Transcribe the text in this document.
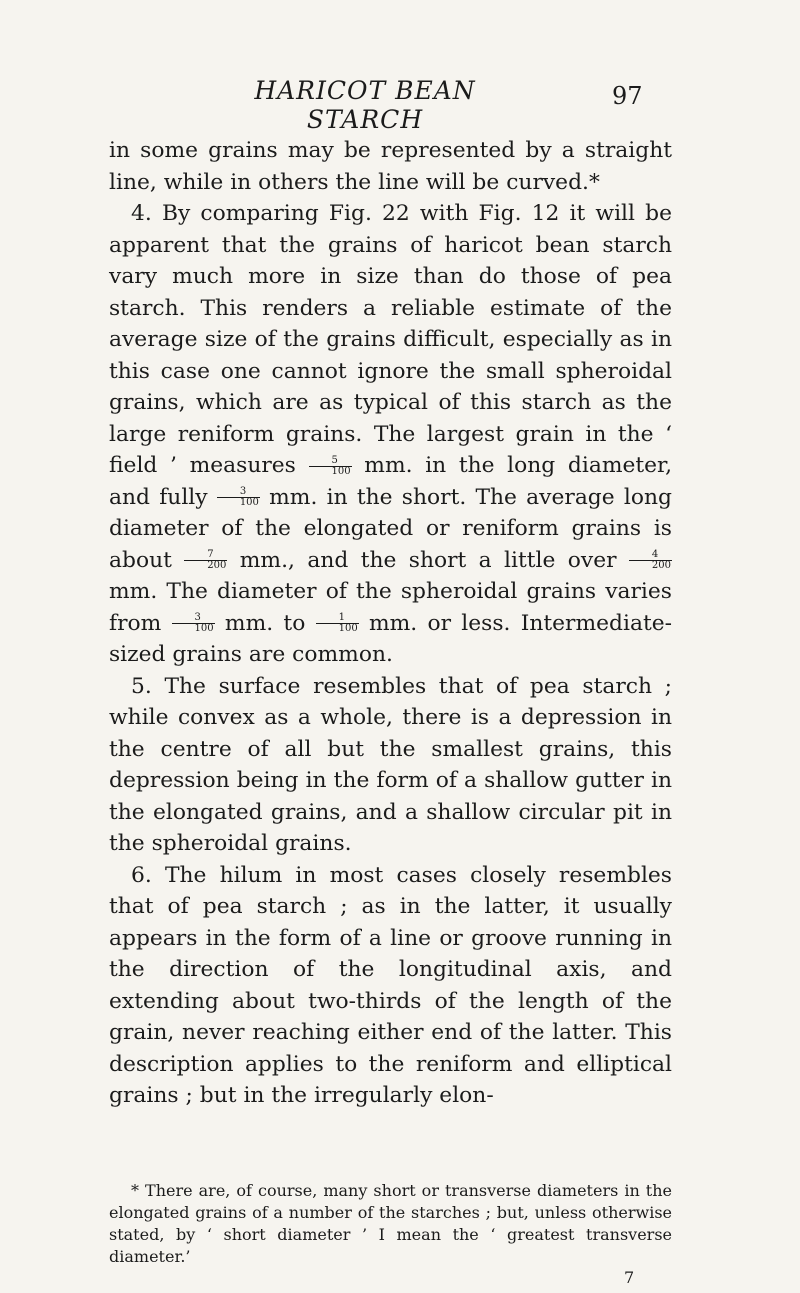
HARICOT BEAN STARCH
97

in some grains may be represented by a straight line, while in others the line will be curved.*

4. By comparing Fig. 22 with Fig. 12 it will be apparent that the grains of haricot bean starch vary much more in size than do those of pea starch. This renders a reliable estimate of the average size of the grains difficult, especially as in this case one cannot ignore the small spheroidal grains, which are as typical of this starch as the large reniform grains. The largest grain in the ‘ field ’ measures $\frac{5}{100}$ mm. in the long diameter, and fully $\frac{3}{100}$ mm. in the short. The average long diameter of the elongated or reniform grains is about $\frac{7}{200}$ mm., and the short a little over $\frac{4}{200}$
mm. The diameter of the spheroidal grains varies from $\frac{3}{100}$ mm. to $\frac{1}{100}$ mm. or less. Intermediate-sized grains are common.

5. The surface resembles that of pea starch ; while convex as a whole, there is a depression in the centre of all but the smallest grains, this depression being in the form of a shallow gutter in the elongated grains, and a shallow circular pit in the spheroidal grains.

6. The hilum in most cases closely resembles that of pea starch ; as in the latter, it usually appears in the form of a line or groove running in the direction of the longitudinal axis, and extending about two-thirds of the length of the grain, never reaching either end of the latter. This description applies to the reniform and elliptical grains ; but in the irregularly elon-

* There are, of course, many short or transverse diameters in the elongated grains of a number of the starches ; but, unless otherwise stated, by ‘ short diameter ’ I mean the ‘ greatest transverse diameter.’
7
